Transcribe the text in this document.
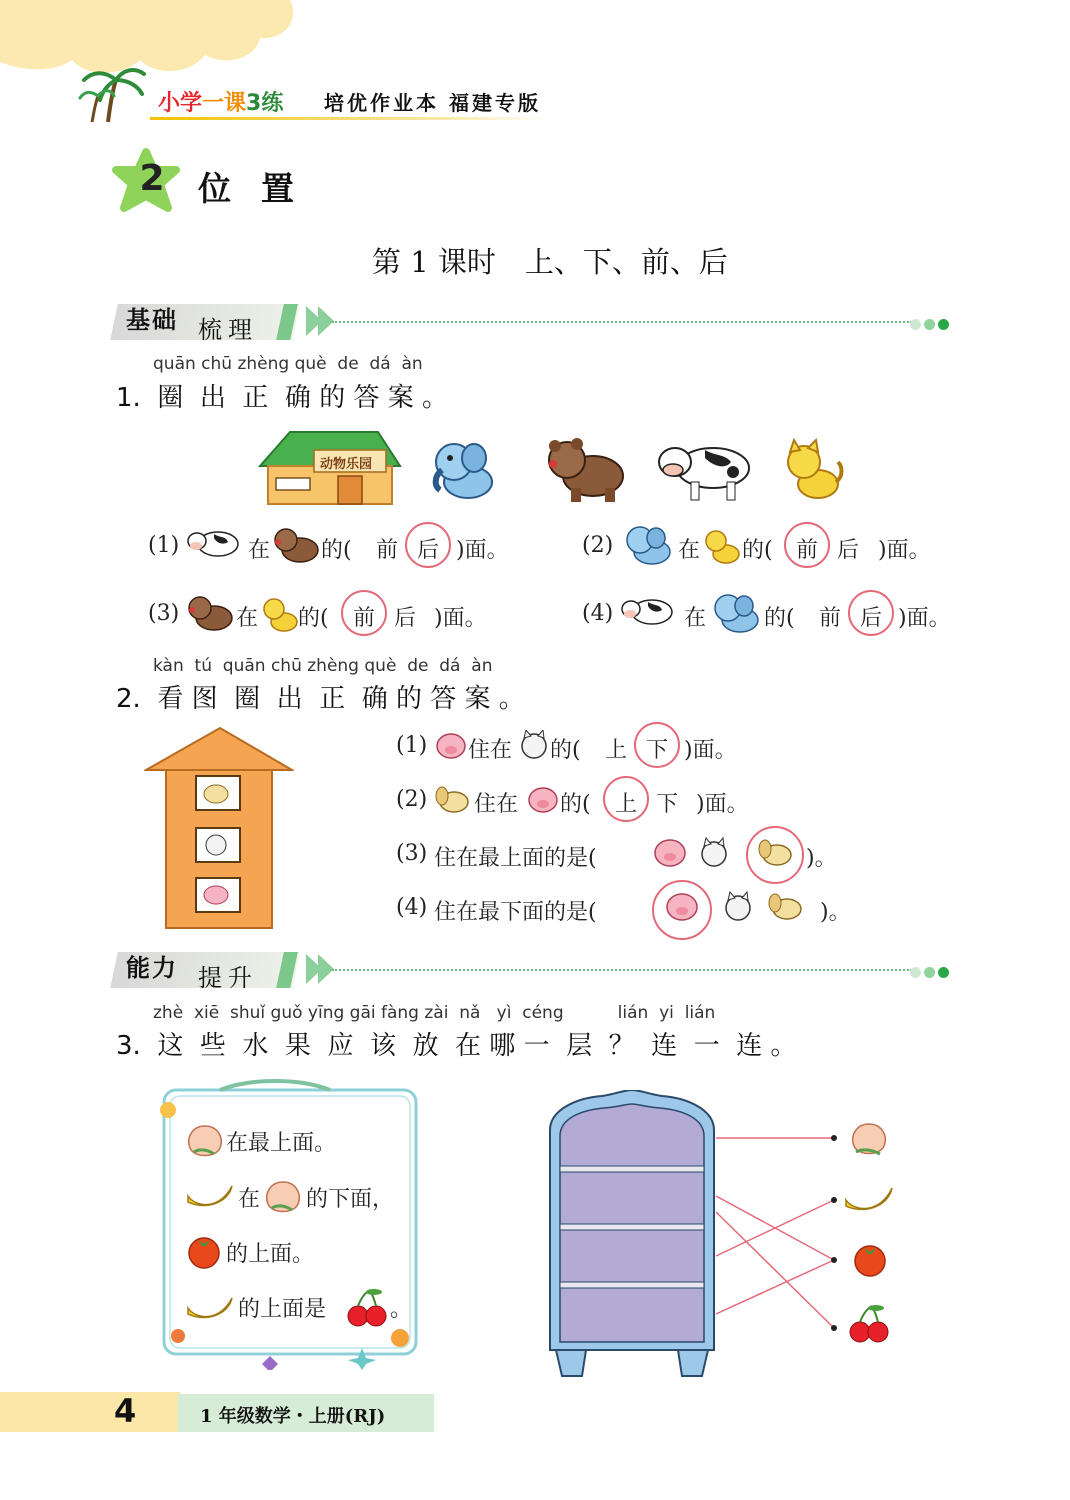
小学一课3练 培优作业本 福建专版
2 位置
第 1 课时　上、下、前、后
基础 梳理
quān chū zhèng què  de  dá  àn
1.  圈  出  正  确 的 答 案 。
动物乐园
(1)	在 的( 前 后 )面。	(2)	在 的( 前 后 )面。
(3)	在 的( 前 后 )面。	(4)	在	的( 前 后 )面。
kàn  tú  quān chū zhèng què  de  dá  àn
2.  看 图  圈  出  正  确 的 答 案 。
(1) 住在 的( 上 下 )面。
(2) 住在 的( 上 下 )面。
(3) 住在最上面的是(	)。
(4) 住在最下面的是(	)。
能力 提升
zhè  xiē  shuǐ guǒ yīng gāi fàng zài  nǎ   yì  céng          lián  yi  lián
3.  这  些  水  果  应  该  放  在 哪 一  层  ？  连  一  连 。
在最上面。
在 的下面，
的上面。
的上面是	。
4	1 年级数学・上册(RJ)
